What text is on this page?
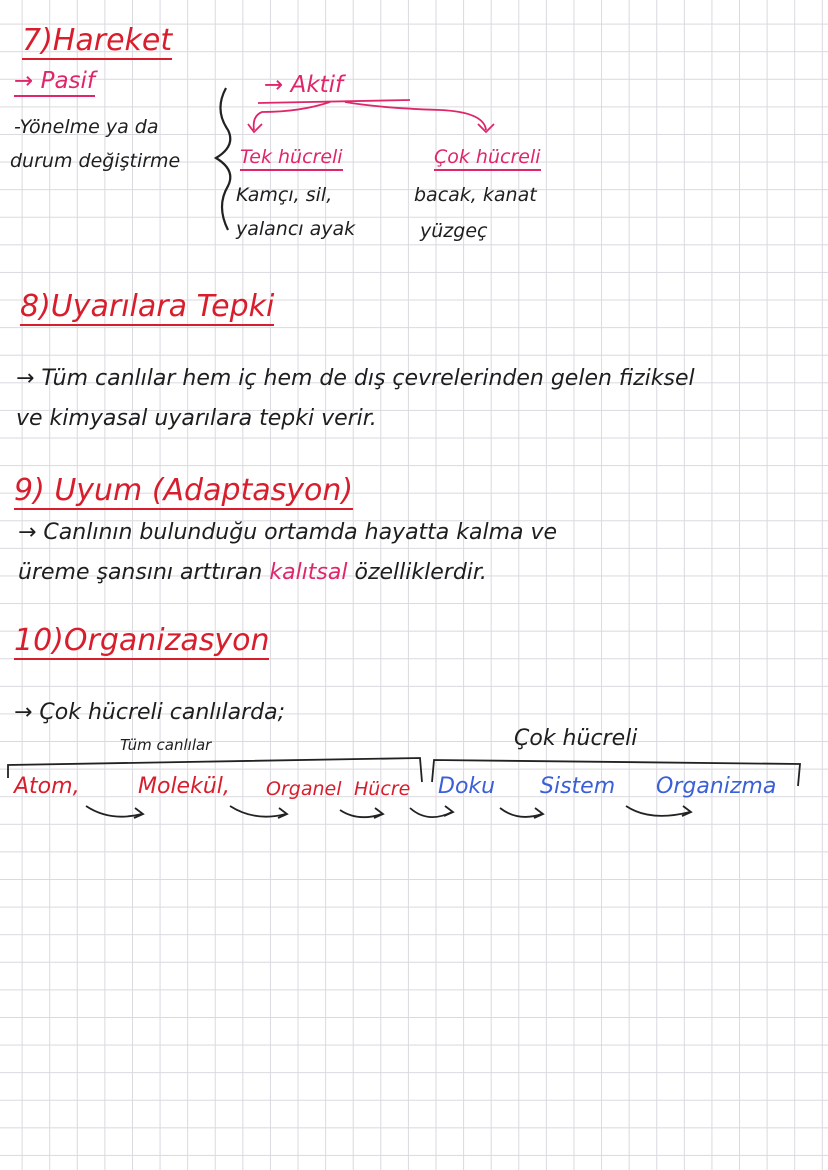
7)Hareket
→ Pasif
-Yönelme ya da
durum değiştirme
→ Aktif
Tek hücreli
Kamçı, sil,
yalancı ayak
Çok hücreli
bacak, kanat
yüzgeç
8)Uyarılara Tepki
→ Tüm canlılar hem iç hem de dış çevrelerinden gelen fiziksel
ve kimyasal uyarılara tepki verir.
9) Uyum (Adaptasyon)
→ Canlının bulunduğu ortamda hayatta kalma ve
üreme şansını arttıran kalıtsal özelliklerdir.
10)Organizasyon
→ Çok hücreli canlılarda;
Tüm canlılar	Çok hücreli
Atom,	Molekül, Organel Hücre Doku Sistem Organizma
